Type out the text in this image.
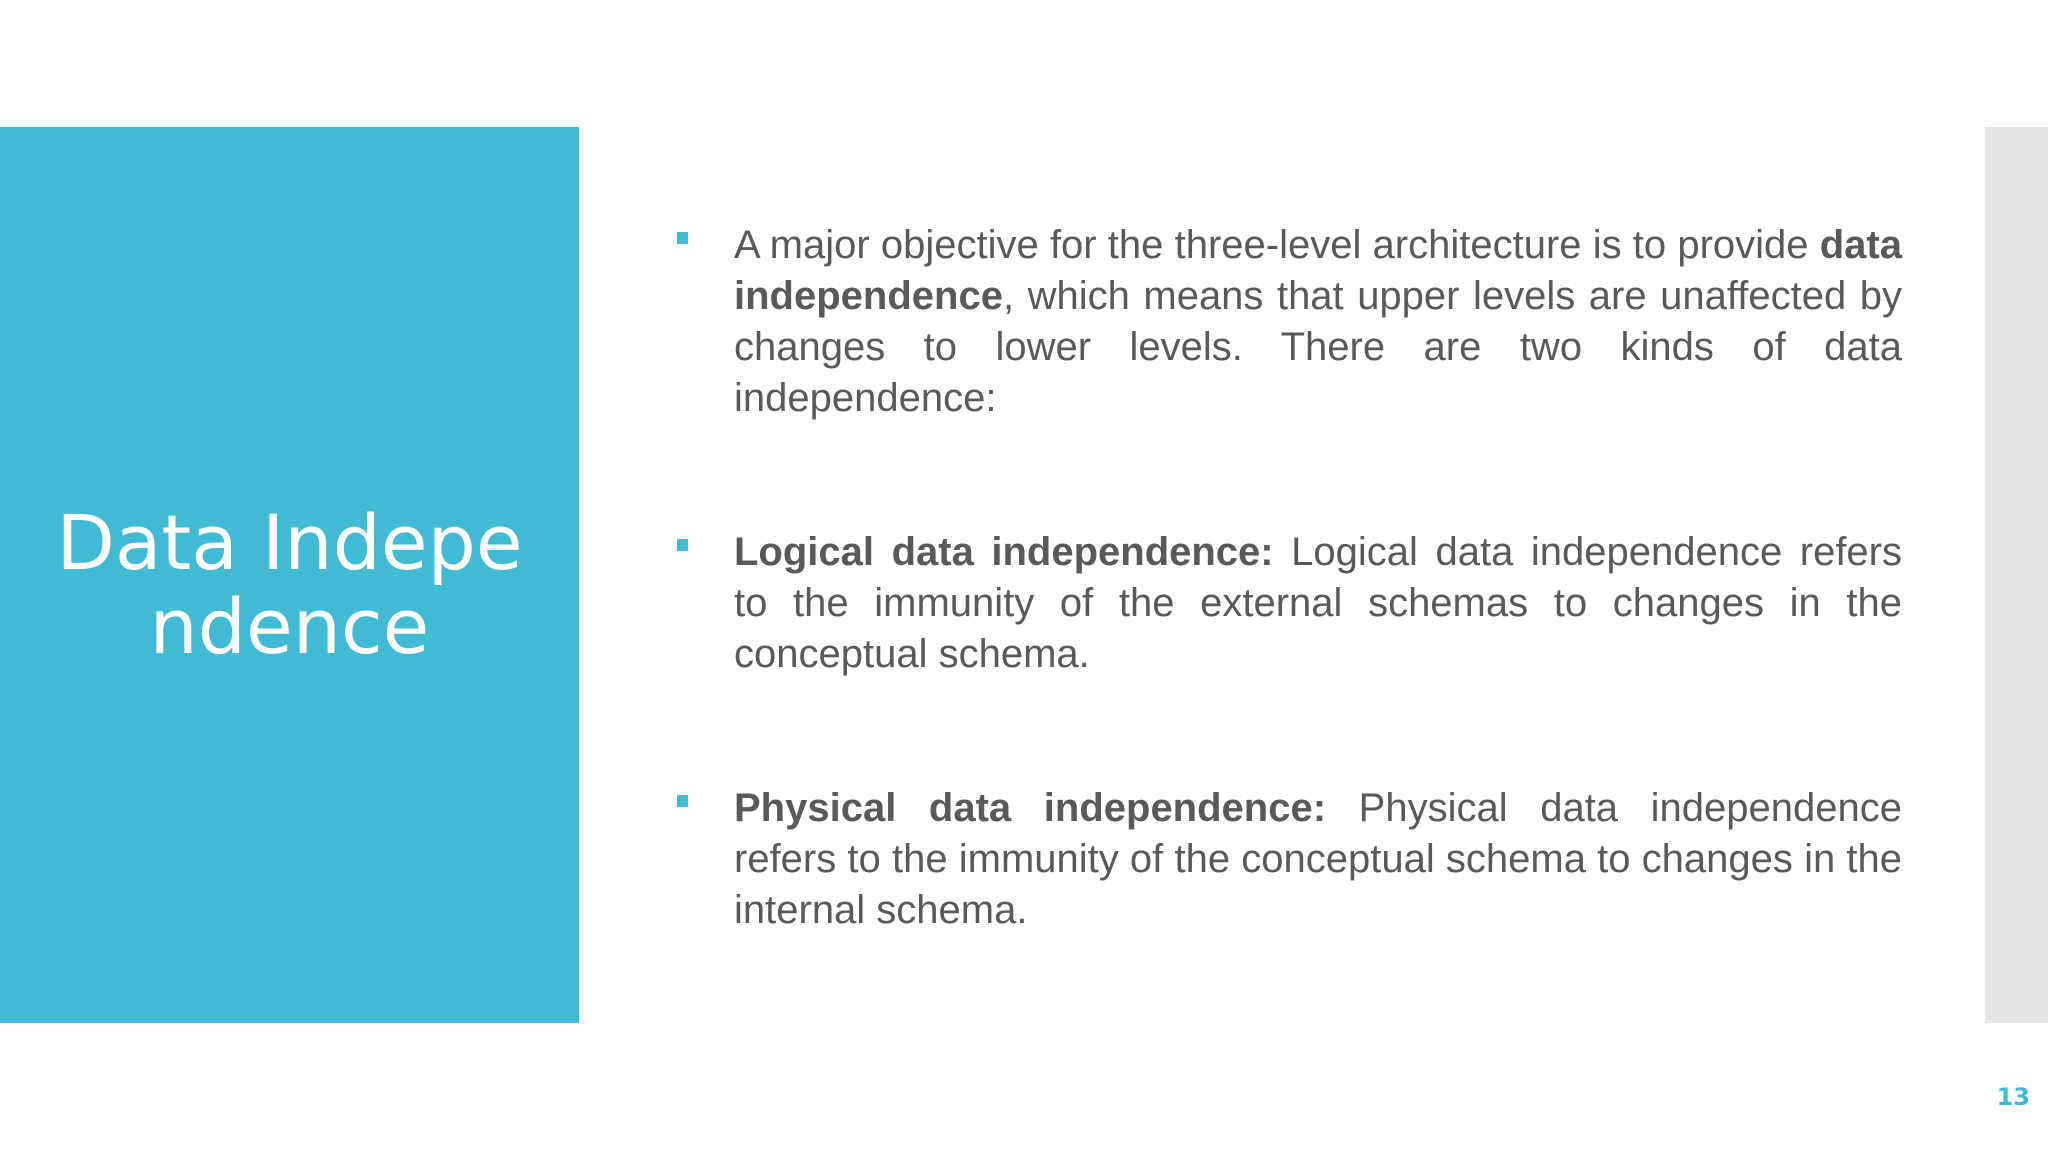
Data Independence
A major objective for the three-level architecture is to provide data independence, which means that upper levels are unaffected by changes to lower levels. There are two kinds of data independence:
Logical data independence: Logical data independence refers to the immunity of the external schemas to changes in the conceptual schema.
Physical data independence: Physical data independence refers to the immunity of the conceptual schema to changes in the internal schema.
13
